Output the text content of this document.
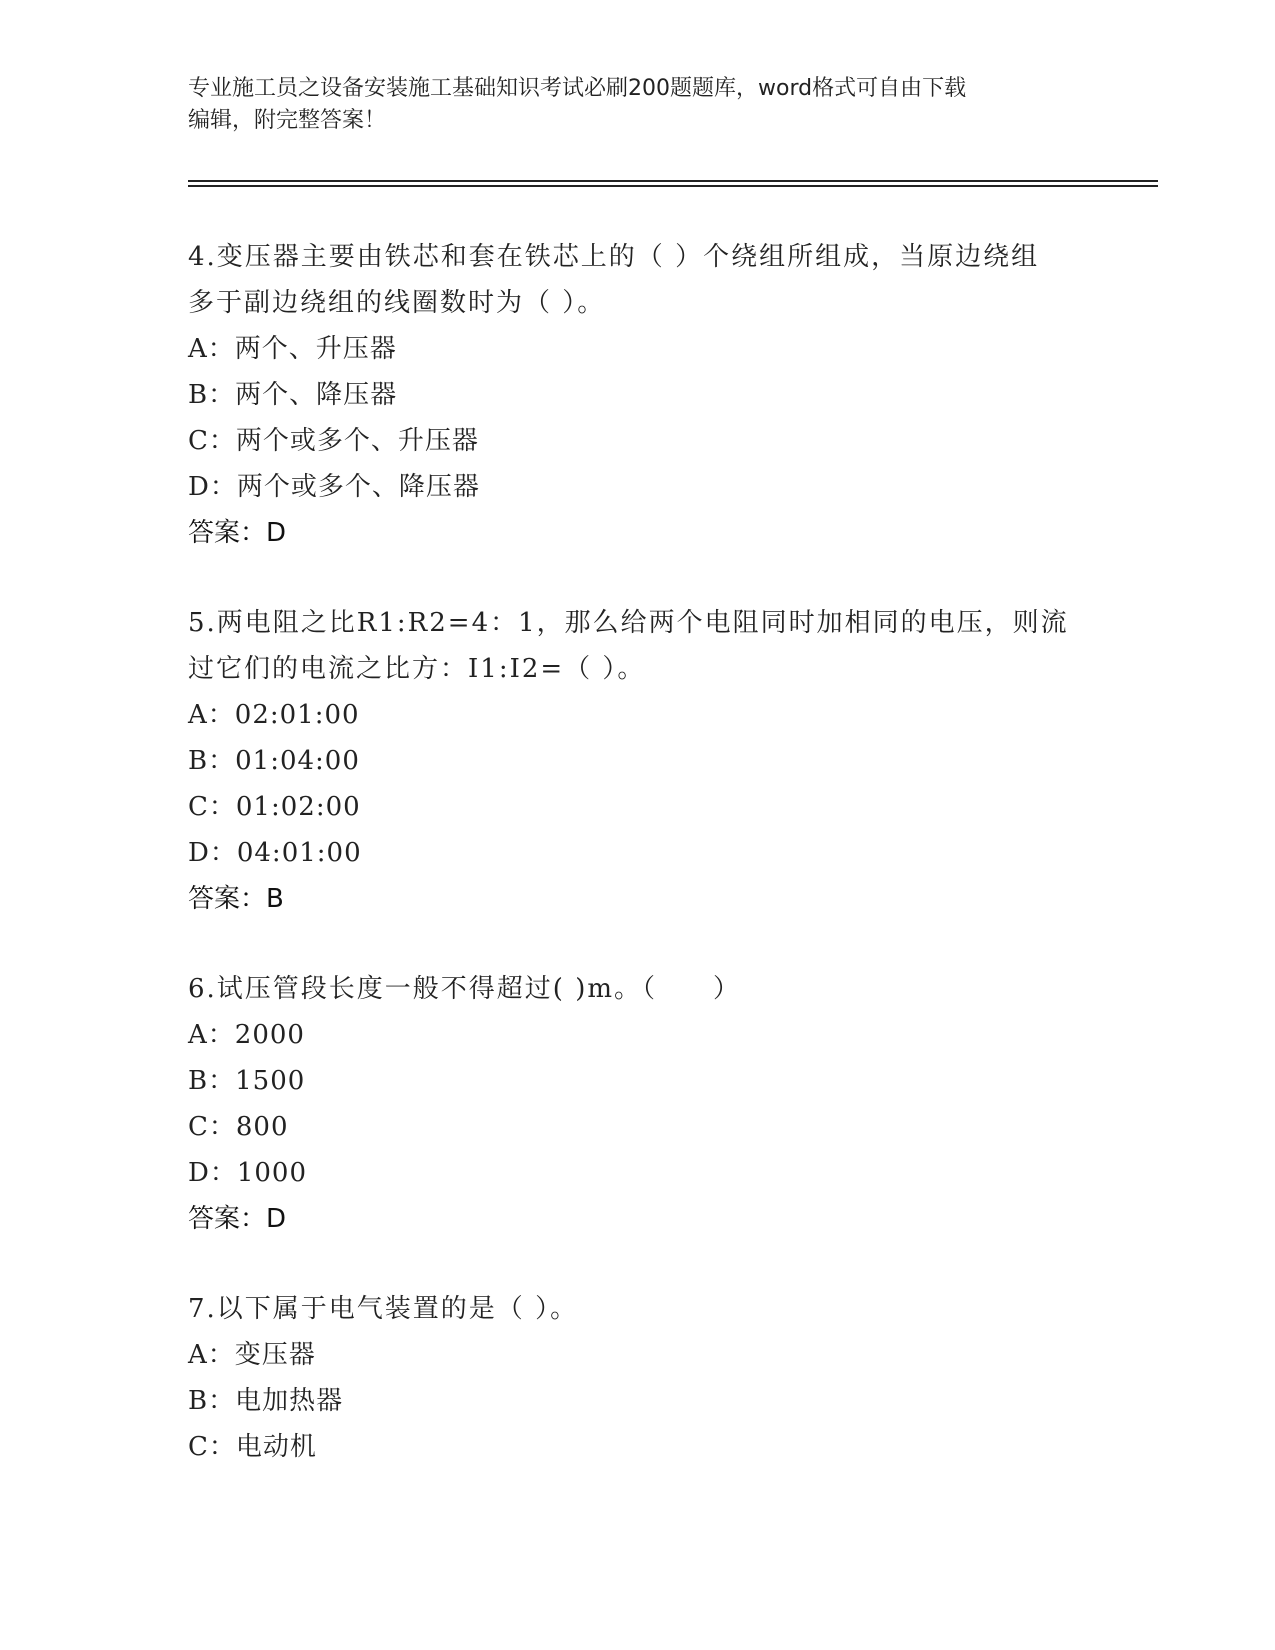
专业施工员之设备安装施工基础知识考试必刷200题题库，word格式可自由下载
编辑，附完整答案！
4.变压器主要由铁芯和套在铁芯上的（ ）个绕组所组成，当原边绕组
多于副边绕组的线圈数时为（ ）。
A：两个、升压器
B：两个、降压器
C：两个或多个、升压器
D：两个或多个、降压器
答案：D
5.两电阻之比R1:R2=4：1，那么给两个电阻同时加相同的电压，则流
过它们的电流之比方：I1:I2=（ ）。
A：02:01:00
B：01:04:00
C：01:02:00
D：04:01:00
答案：B
6.试压管段长度一般不得超过( )m。（　　）
A：2000
B：1500
C：800
D：1000
答案：D
7.以下属于电气装置的是（ ）。
A：变压器
B：电加热器
C：电动机
